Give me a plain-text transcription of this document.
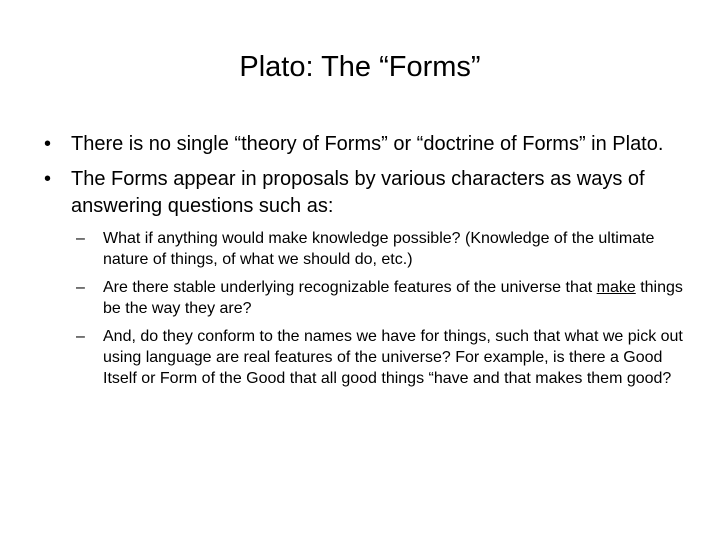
Plato: The “Forms”
• There is no single “theory of Forms” or “doctrine of Forms” in Plato.
• The Forms appear in proposals by various characters as ways of answering questions such as:
– What if anything would make knowledge possible? (Knowledge of the ultimate nature of things, of what we should do, etc.)
– Are there stable underlying recognizable features of the universe that make things be the way they are?
– And, do they conform to the names we have for things, such that what we pick out using language are real features of the universe? For example, is there a Good Itself or Form of the Good that all good things “have and that makes them good?
